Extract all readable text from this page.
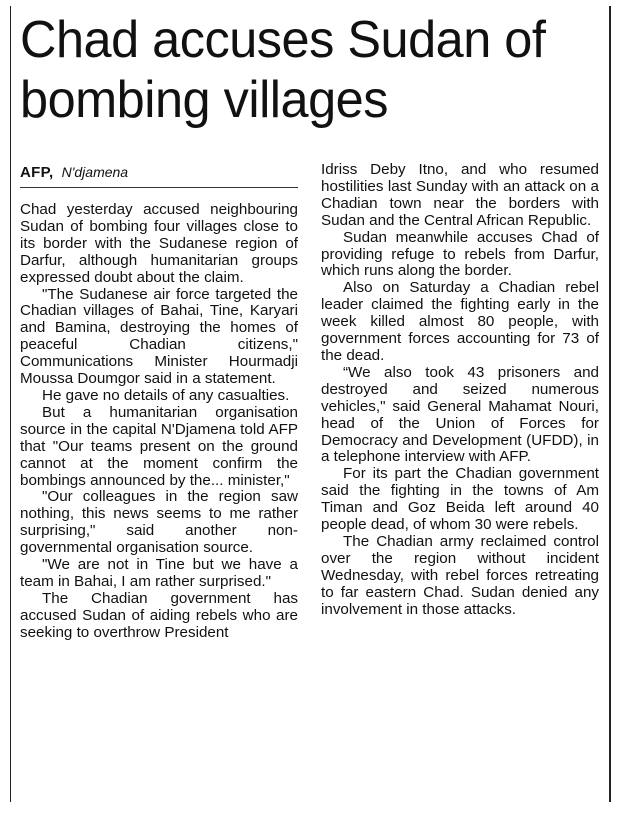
Chad accuses Sudan of bombing villages
AFP, N'djamena

Chad yesterday accused neighbouring Sudan of bombing four villages close to its border with the Sudanese region of Darfur, although humanitarian groups expressed doubt about the claim.

"The Sudanese air force targeted the Chadian villages of Bahai, Tine, Karyari and Bamina, destroying the homes of peaceful Chadian citizens," Communications Minister Hourmadji Moussa Doumgor said in a statement.

He gave no details of any casualties.

But a humanitarian organisation source in the capital N'Djamena told AFP that "Our teams present on the ground cannot at the moment confirm the bombings announced by the... minister,"

"Our colleagues in the region saw nothing, this news seems to me rather surprising," said another non-governmental organisation source.

"We are not in Tine but we have a team in Bahai, I am rather surprised."

The Chadian government has accused Sudan of aiding rebels who are seeking to overthrow President

Idriss Deby Itno, and who resumed hostilities last Sunday with an attack on a Chadian town near the borders with Sudan and the Central African Republic.

Sudan meanwhile accuses Chad of providing refuge to rebels from Darfur, which runs along the border.

Also on Saturday a Chadian rebel leader claimed the fighting early in the week killed almost 80 people, with government forces accounting for 73 of the dead.

“We also took 43 prisoners and destroyed and seized numerous vehicles," said General Mahamat Nouri, head of the Union of Forces for Democracy and Development (UFDD), in a telephone interview with AFP.

For its part the Chadian government said the fighting in the towns of Am Timan and Goz Beida left around 40 people dead, of whom 30 were rebels.

The Chadian army reclaimed control over the region without incident Wednesday, with rebel forces retreating to far eastern Chad. Sudan denied any involvement in those attacks.
